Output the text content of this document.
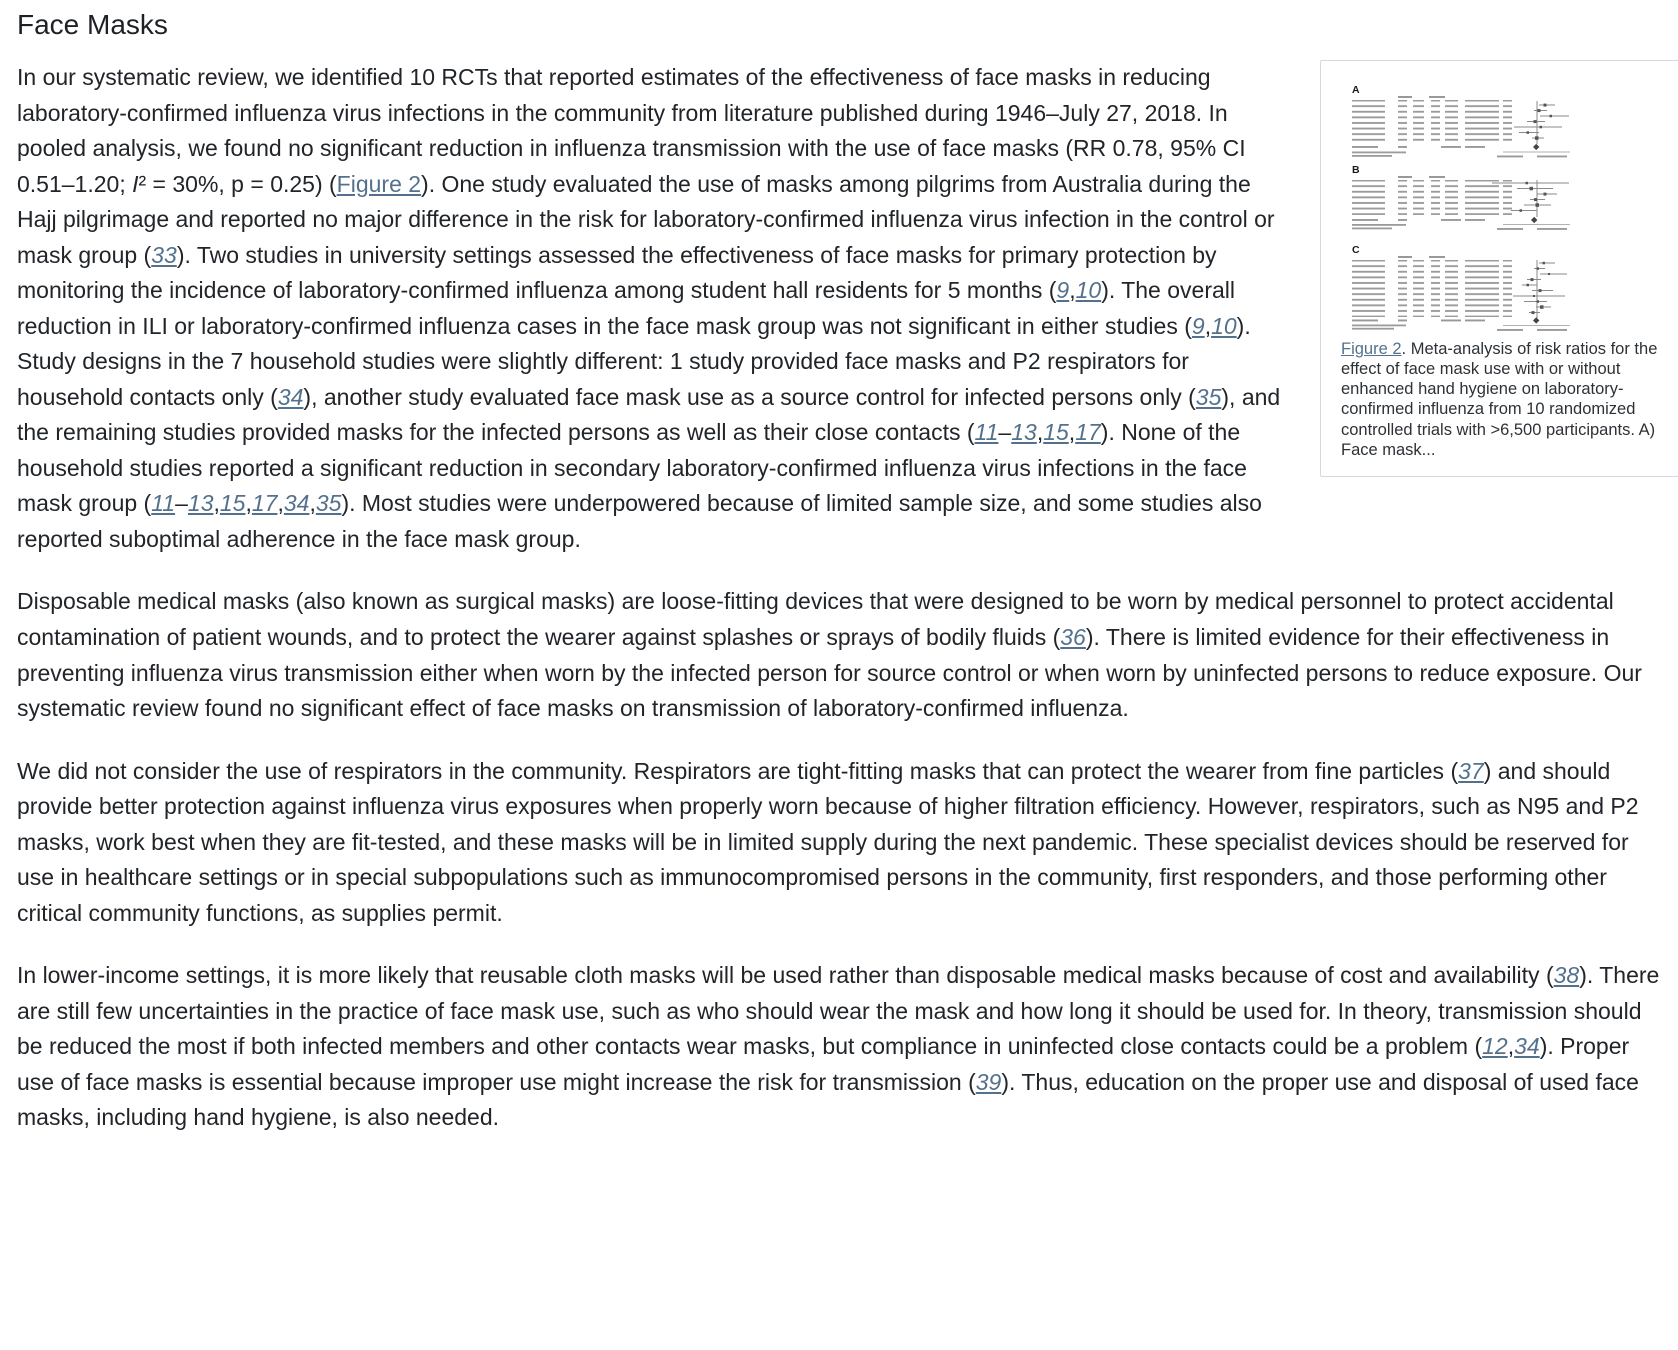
Face Masks
A
B
C

Figure 2. Meta-analysis of risk ratios for the effect of face mask use with or without enhanced hand hygiene on laboratory-confirmed influenza from 10 randomized controlled trials with >6,500 participants. A) Face mask...

In our systematic review, we identified 10 RCTs that reported estimates of the effectiveness of face masks in reducing laboratory-confirmed influenza virus infections in the community from literature published during 1946–July 27, 2018. In pooled analysis, we found no significant reduction in influenza transmission with the use of face masks (RR 0.78, 95% CI 0.51–1.20; I² = 30%, p = 0.25) (Figure 2). One study evaluated the use of masks among pilgrims from Australia during the Hajj pilgrimage and reported no major difference in the risk for laboratory-confirmed influenza virus infection in the control or mask group (33). Two studies in university settings assessed the effectiveness of face masks for primary protection by monitoring the incidence of laboratory-confirmed influenza among student hall residents for 5 months (9,10). The overall reduction in ILI or laboratory-confirmed influenza cases in the face mask group was not significant in either studies (9,10). Study designs in the 7 household studies were slightly different: 1 study provided face masks and P2 respirators for household contacts only (34), another study evaluated face mask use as a source control for infected persons only (35), and the remaining studies provided masks for the infected persons as well as their close contacts (11–13,15,17). None of the household studies reported a significant reduction in secondary laboratory-confirmed influenza virus infections in the face mask group (11–13,15,17,34,35). Most studies were underpowered because of limited sample size, and some studies also reported suboptimal adherence in the face mask group.

Disposable medical masks (also known as surgical masks) are loose-fitting devices that were designed to be worn by medical personnel to protect accidental contamination of patient wounds, and to protect the wearer against splashes or sprays of bodily fluids (36). There is limited evidence for their effectiveness in preventing influenza virus transmission either when worn by the infected person for source control or when worn by uninfected persons to reduce exposure. Our systematic review found no significant effect of face masks on transmission of laboratory-confirmed influenza.

We did not consider the use of respirators in the community. Respirators are tight-fitting masks that can protect the wearer from fine particles (37) and should provide better protection against influenza virus exposures when properly worn because of higher filtration efficiency. However, respirators, such as N95 and P2 masks, work best when they are fit-tested, and these masks will be in limited supply during the next pandemic. These specialist devices should be reserved for use in healthcare settings or in special subpopulations such as immunocompromised persons in the community, first responders, and those performing other critical community functions, as supplies permit.

In lower-income settings, it is more likely that reusable cloth masks will be used rather than disposable medical masks because of cost and availability (38). There are still few uncertainties in the practice of face mask use, such as who should wear the mask and how long it should be used for. In theory, transmission should be reduced the most if both infected members and other contacts wear masks, but compliance in uninfected close contacts could be a problem (12,34). Proper use of face masks is essential because improper use might increase the risk for transmission (39). Thus, education on the proper use and disposal of used face masks, including hand hygiene, is also needed.
